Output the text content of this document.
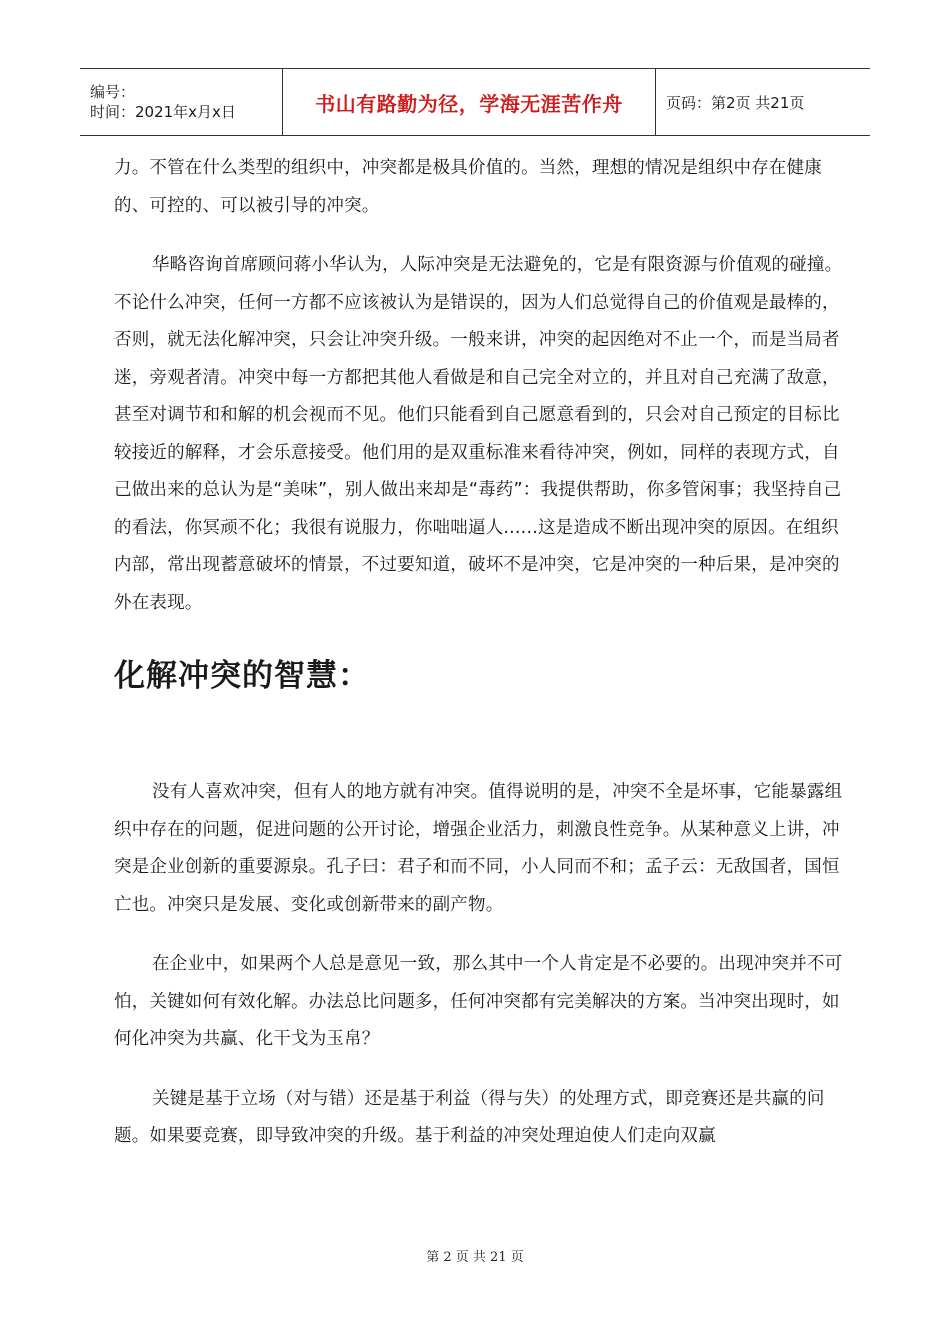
编号：
时间：2021年x月x日	书山有路勤为径，学海无涯苦作舟	页码：第2页 共21页

力。不管在什么类型的组织中，冲突都是极具价值的。当然，理想的情况是组织中存在健康的、可控的、可以被引导的冲突。

华略咨询首席顾问蒋小华认为，人际冲突是无法避免的，它是有限资源与价值观的碰撞。不论什么冲突，任何一方都不应该被认为是错误的，因为人们总觉得自己的价值观是最棒的，否则，就无法化解冲突，只会让冲突升级。一般来讲，冲突的起因绝对不止一个，而是当局者迷，旁观者清。冲突中每一方都把其他人看做是和自己完全对立的，并且对自己充满了敌意，甚至对调节和和解的机会视而不见。他们只能看到自己愿意看到的，只会对自己预定的目标比较接近的解释，才会乐意接受。他们用的是双重标准来看待冲突，例如，同样的表现方式，自己做出来的总认为是“美味”，别人做出来却是“毒药”：我提供帮助，你多管闲事；我坚持自己的看法，你冥顽不化；我很有说服力，你咄咄逼人......这是造成不断出现冲突的原因。在组织内部，常出现蓄意破坏的情景，不过要知道，破坏不是冲突，它是冲突的一种后果，是冲突的外在表现。

化解冲突的智慧：

没有人喜欢冲突，但有人的地方就有冲突。值得说明的是，冲突不全是坏事，它能暴露组织中存在的问题，促进问题的公开讨论，增强企业活力，刺激良性竞争。从某种意义上讲，冲突是企业创新的重要源泉。孔子曰：君子和而不同，小人同而不和；孟子云：无敌国者，国恒亡也。冲突只是发展、变化或创新带来的副产物。

在企业中，如果两个人总是意见一致，那么其中一个人肯定是不必要的。出现冲突并不可怕，关键如何有效化解。办法总比问题多，任何冲突都有完美解决的方案。当冲突出现时，如何化冲突为共赢、化干戈为玉帛？

关键是基于立场（对与错）还是基于利益（得与失）的处理方式，即竞赛还是共赢的问题。如果要竞赛，即导致冲突的升级。基于利益的冲突处理迫使人们走向双赢

第 2 页 共 21 页
